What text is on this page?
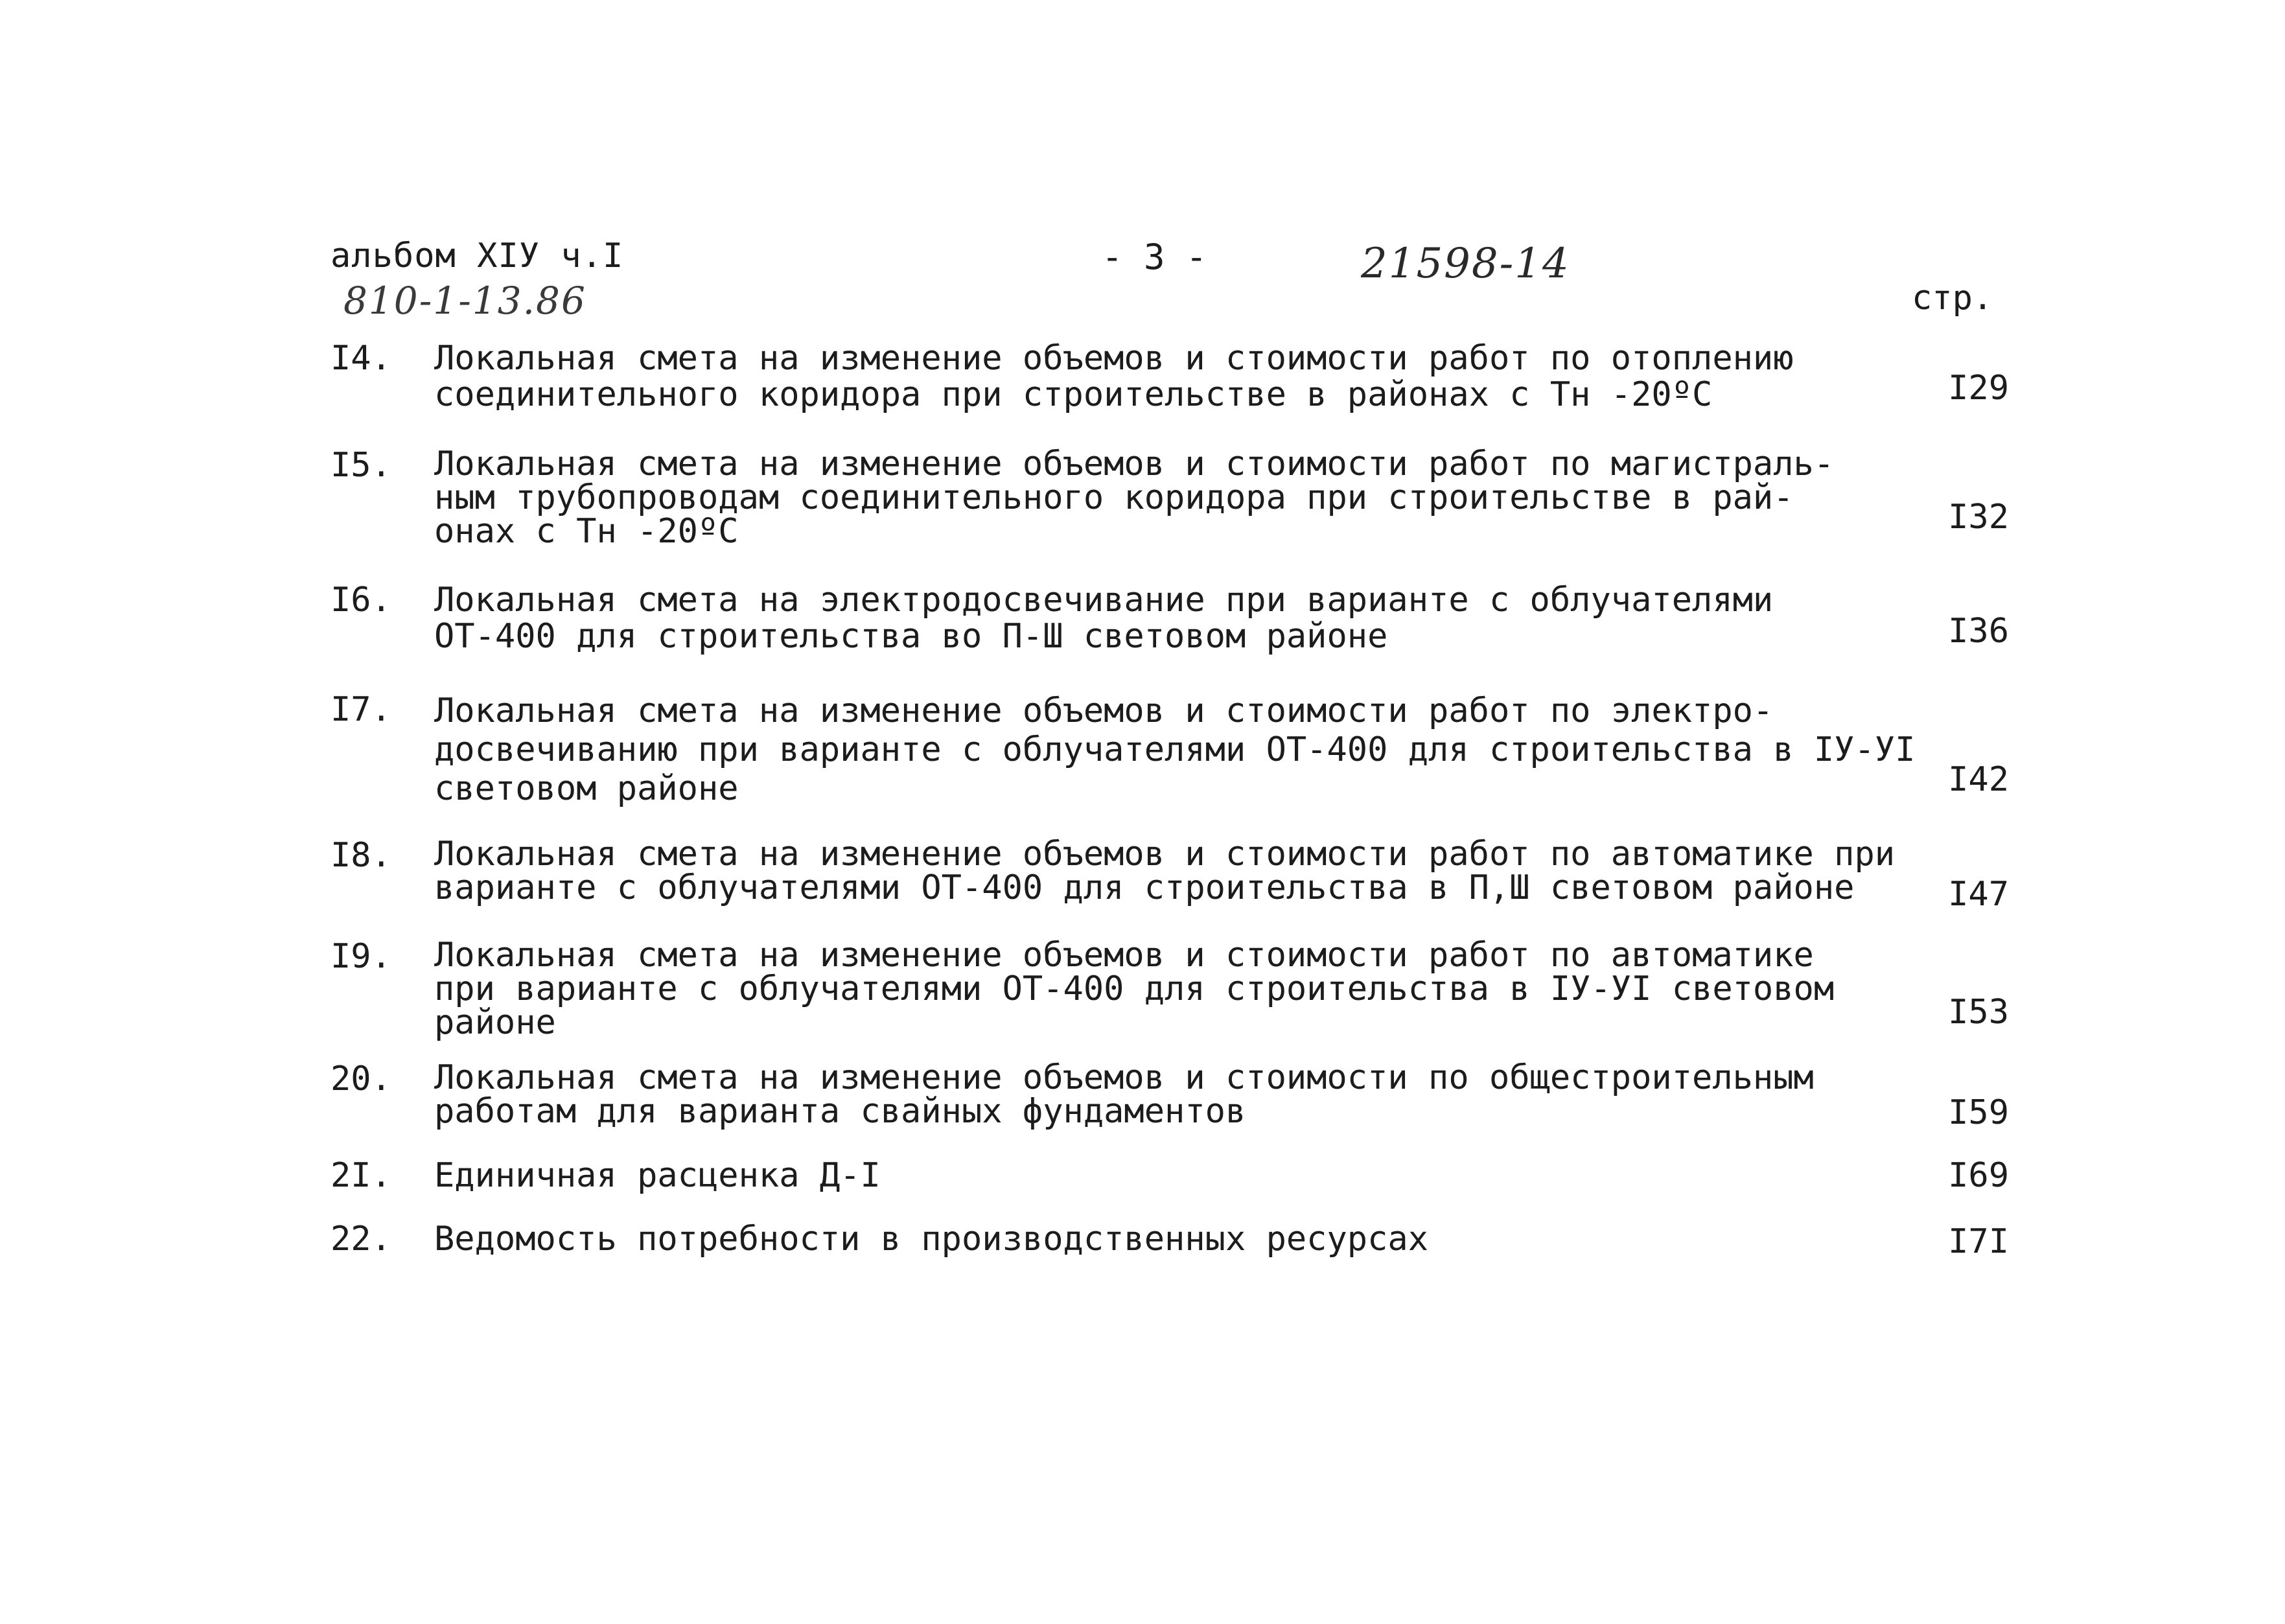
альбом XIУ ч.I
810-1-13.86
- 3 -	21598-14
стр.
I4. Локальная смета на изменение объемов и стоимости работ по отоплению
соединительного коридора при строительстве в районах с Тн -20ºС	I29
I5. Локальная смета на изменение объемов и стоимости работ по магистраль-
ным трубопроводам соединительного коридора при строительстве в рай-
онах с Тн -20ºС	I32
I6. Локальная смета на электродосвечивание при варианте с облучателями
ОТ-400 для строительства во П-Ш световом районе	I36
I7. Локальная смета на изменение объемов и стоимости работ по электро-
досвечиванию при варианте с облучателями ОТ-400 для строительства в IУ-УI
световом районе	I42
I8. Локальная смета на изменение объемов и стоимости работ по автоматике при
варианте с облучателями ОТ-400 для строительства в П,Ш световом районе	I47
I9. Локальная смета на изменение объемов и стоимости работ по автоматике
при варианте с облучателями ОТ-400 для строительства в IУ-УI световом
районе	I53
20. Локальная смета на изменение объемов и стоимости по общестроительным
работам для варианта свайных фундаментов	I59
2I. Единичная расценка Д-I	I69
22. Ведомость потребности в производственных ресурсах	I7I
